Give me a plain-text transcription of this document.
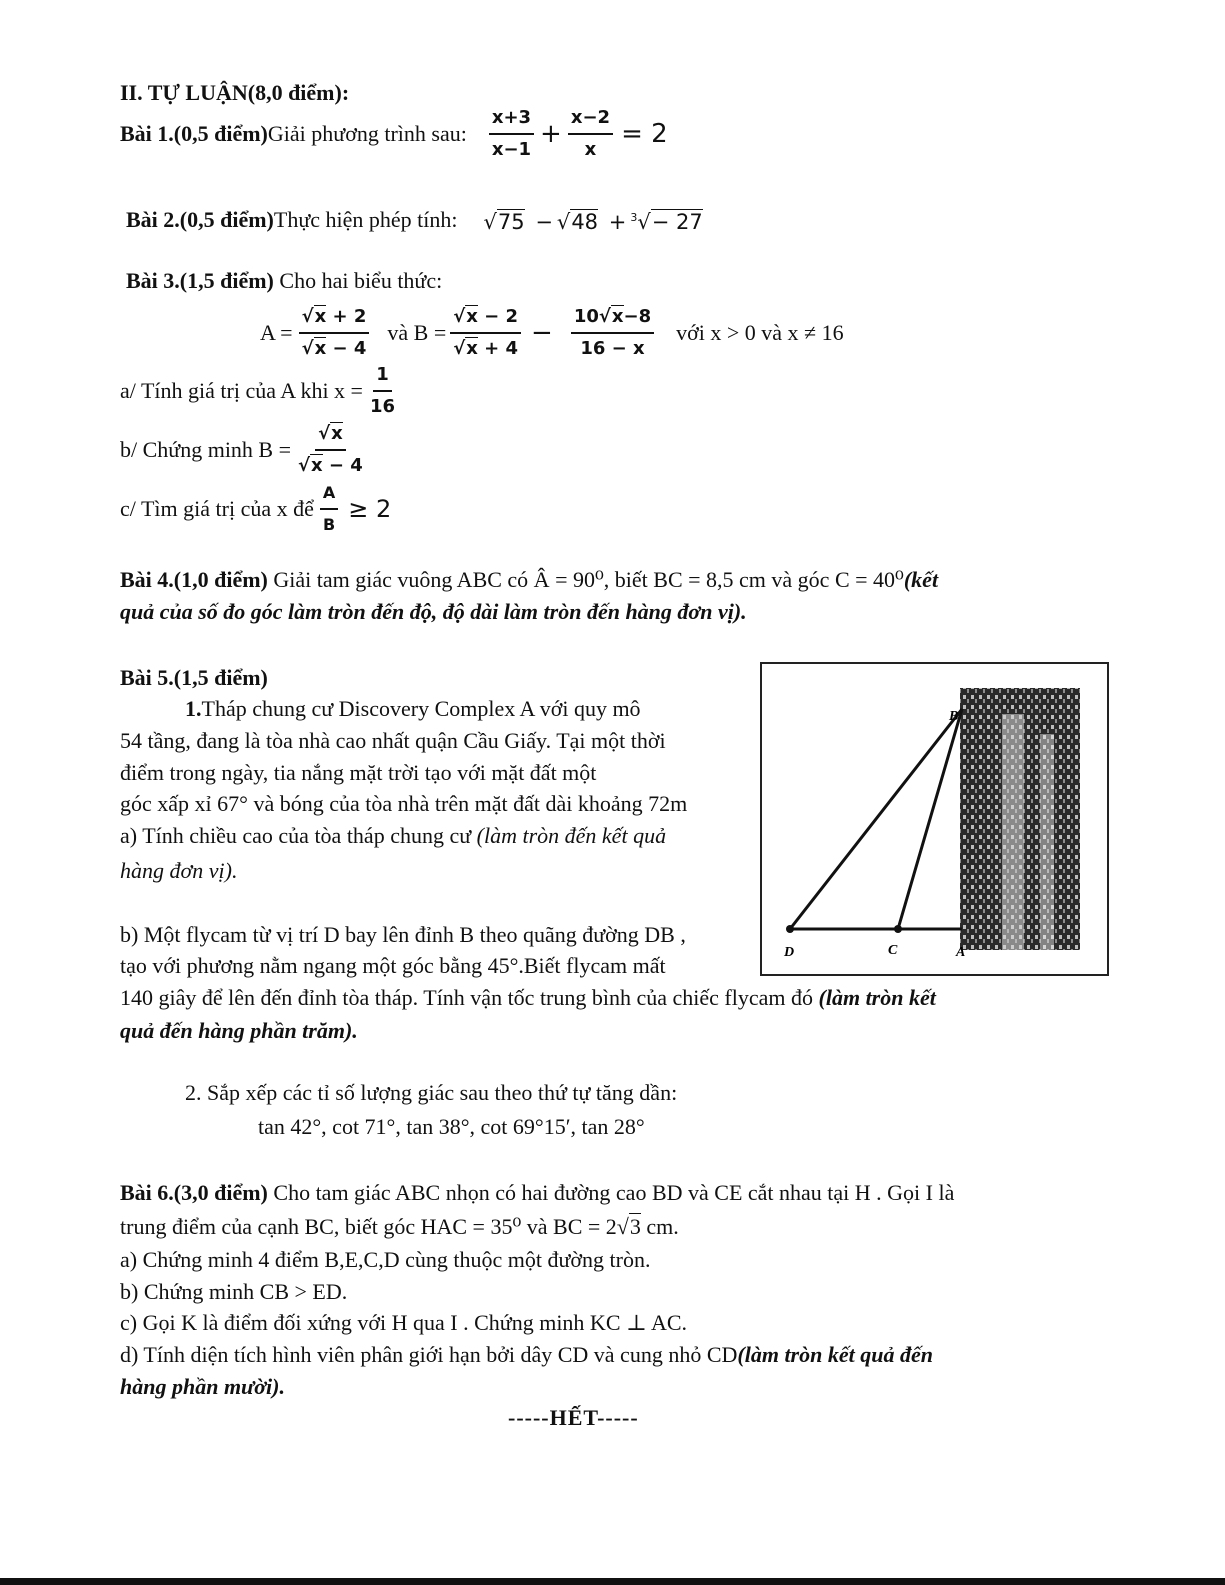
II. TỰ LUẬN(8,0 điểm):
Bài 1.(0,5 điểm) Giải phương trình sau: $\frac{x+3}{x-1} + \frac{x-2}{x} = 2$
Bài 2.(0,5 điểm) Thực hiện phép tính: √75 − √48 + $^3$√− 27
Bài 3.(1,5 điểm) Cho hai biểu thức:
$A = \frac{√x + 2}{√x - 4}$ và $B = \frac{√x - 2}{√x + 4} - \frac{10√x-8}{16 - x}$ với x > 0 và x ≠ 16
a/ Tính giá trị của A khi $x = \frac{1}{16}$
b/ Chứng minh $B = \frac{√x}{√x - 4}$
c/ Tìm giá trị của x để $\frac{A}{B} \ge 2$
Bài 4.(1,0 điểm) Giải tam giác vuông ABC có Â = 90⁰, biết BC = 8,5 cm và góc C = 40⁰(kết
quả của số đo góc làm tròn đến độ, độ dài làm tròn đến hàng đơn vị).
Bài 5.(1,5 điểm)
1.Tháp chung cư Discovery Complex A với quy mô
54 tầng, đang là tòa nhà cao nhất quận Cầu Giấy. Tại một thời
điểm trong ngày, tia nắng mặt trời tạo với mặt đất một
góc xấp xỉ 67° và bóng của tòa nhà trên mặt đất dài khoảng 72m
a) Tính chiều cao của tòa tháp chung cư (làm tròn đến kết quả
hàng đơn vị).
b) Một flycam từ vị trí D bay lên đỉnh B theo quãng đường DB ,
tạo với phương nằm ngang một góc bằng 45°.Biết flycam mất
140 giây để lên đến đỉnh tòa tháp. Tính vận tốc trung bình của chiếc flycam đó (làm tròn kết
quả đến hàng phần trăm).
B
D	C	A
2. Sắp xếp các tỉ số lượng giác sau theo thứ tự tăng dần:
tan 42°, cot 71°, tan 38°, cot 69°15′, tan 28°
Bài 6.(3,0 điểm) Cho tam giác ABC nhọn có hai đường cao BD và CE cắt nhau tại H . Gọi I là
trung điểm của cạnh BC, biết góc HAC = 35⁰ và BC = 2√3 cm.
a) Chứng minh 4 điểm B,E,C,D cùng thuộc một đường tròn.
b) Chứng minh CB > ED.
c) Gọi K là điểm đối xứng với H qua I . Chứng minh KC ⊥ AC.
d) Tính diện tích hình viên phân giới hạn bởi dây CD và cung nhỏ CD(làm tròn kết quả đến
hàng phần mười).
-----HẾT-----
